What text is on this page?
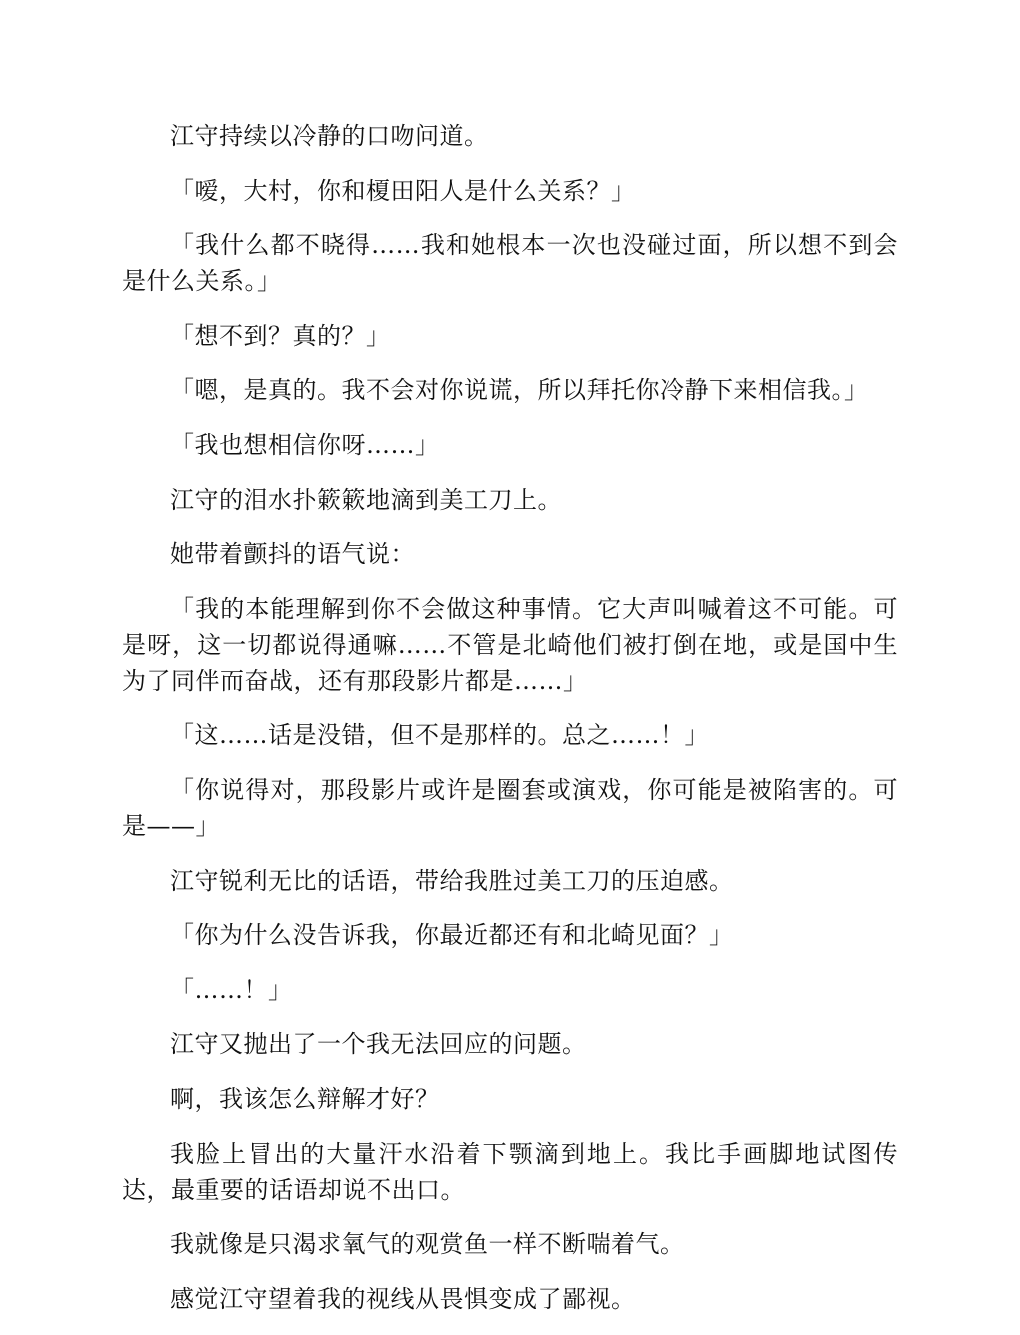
江守持续以冷静的口吻问道。

「嗳，大村，你和榎田阳人是什么关系？」

「我什么都不晓得……我和她根本一次也没碰过面，所以想不到会是什么关系。」

「想不到？真的？」

「嗯，是真的。我不会对你说谎，所以拜托你冷静下来相信我。」

「我也想相信你呀……」

江守的泪水扑簌簌地滴到美工刀上。

她带着颤抖的语气说：

「我的本能理解到你不会做这种事情。它大声叫喊着这不可能。可是呀，这一切都说得通嘛……不管是北崎他们被打倒在地，或是国中生为了同伴而奋战，还有那段影片都是……」

「这……话是没错，但不是那样的。总之……！」

「你说得对，那段影片或许是圈套或演戏，你可能是被陷害的。可是——」

江守锐利无比的话语，带给我胜过美工刀的压迫感。

「你为什么没告诉我，你最近都还有和北崎见面？」

「……！」

江守又抛出了一个我无法回应的问题。

啊，我该怎么辩解才好？

我脸上冒出的大量汗水沿着下颚滴到地上。我比手画脚地试图传达，最重要的话语却说不出口。

我就像是只渴求氧气的观赏鱼一样不断喘着气。

感觉江守望着我的视线从畏惧变成了鄙视。
